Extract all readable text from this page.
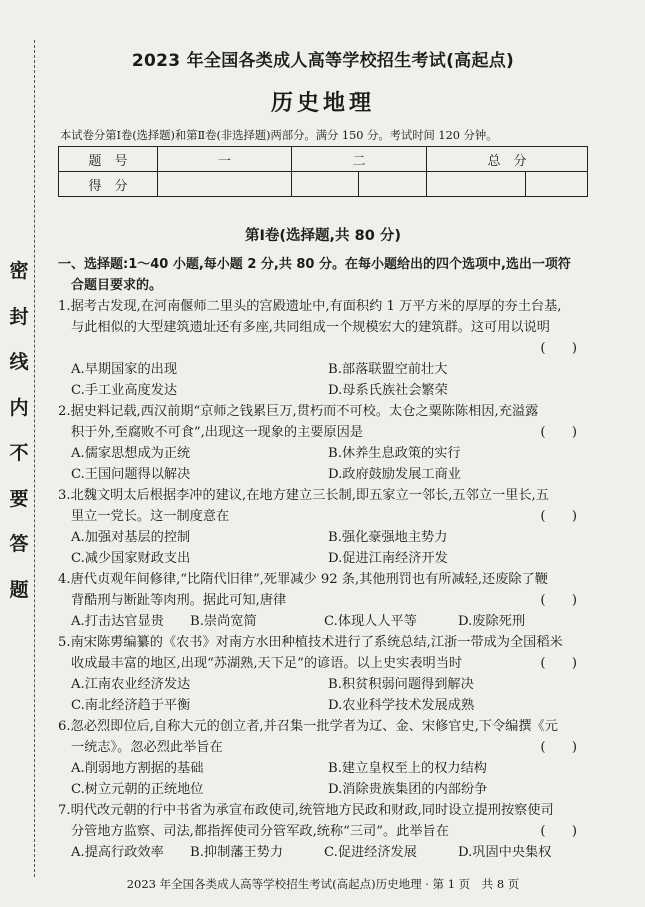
密
封
线
内
不
要
答
题
2023 年全国各类成人高等学校招生考试(高起点)
历史地理
本试卷分第Ⅰ卷(选择题)和第Ⅱ卷(非选择题)两部分。满分 150 分。考试时间 120 分钟。
题　号	一	二		总　分	
得　分					
第Ⅰ卷(选择题,共 80 分)
一、选择题:1～40 小题,每小题 2 分,共 80 分。在每小题给出的四个选项中,选出一项符
合题目要求的。
1.据考古发现,在河南偃师二里头的宫殿遗址中,有面积约 1 万平方米的厚厚的夯土台基,
与此相似的大型建筑遗址还有多座,共同组成一个规模宏大的建筑群。这可用以说明
(　　)
A.早期国家的出现	B.部落联盟空前壮大
C.手工业高度发达	D.母系氏族社会繁荣
2.据史料记载,西汉前期“京师之钱累巨万,贯朽而不可校。太仓之粟陈陈相因,充溢露
积于外,至腐败不可食”,出现这一现象的主要原因是	(　　)
A.儒家思想成为正统	B.休养生息政策的实行
C.王国问题得以解决	D.政府鼓励发展工商业
3.北魏文明太后根据李冲的建议,在地方建立三长制,即五家立一邻长,五邻立一里长,五
里立一党长。这一制度意在	(　　)
A.加强对基层的控制	B.强化豪强地主势力
C.减少国家财政支出	D.促进江南经济开发
4.唐代贞观年间修律,“比隋代旧律”,死罪减少 92 条,其他刑罚也有所减轻,还废除了鞭
背酷刑与断趾等肉刑。据此可知,唐律	(　　)
A.打击达官显贵	B.崇尚宽简	C.体现人人平等	D.废除死刑
5.南宋陈旉编纂的《农书》对南方水田种植技术进行了系统总结,江浙一带成为全国稻米
收成最丰富的地区,出现“苏湖熟,天下足”的谚语。以上史实表明当时	(　　)
A.江南农业经济发达	B.积贫积弱问题得到解决
C.南北经济趋于平衡	D.农业科学技术发展成熟
6.忽必烈即位后,自称大元的创立者,并召集一批学者为辽、金、宋修官史,下令编撰《元
一统志》。忽必烈此举旨在	(　　)
A.削弱地方割据的基础	B.建立皇权至上的权力结构
C.树立元朝的正统地位	D.消除贵族集团的内部纷争
7.明代改元朝的行中书省为承宣布政使司,统管地方民政和财政,同时设立提刑按察使司
分管地方监察、司法,都指挥使司分管军政,统称“三司”。此举旨在	(　　)
A.提高行政效率	B.抑制藩王势力	C.促进经济发展	D.巩固中央集权
2023 年全国各类成人高等学校招生考试(高起点)历史地理 · 第 1 页　共 8 页
